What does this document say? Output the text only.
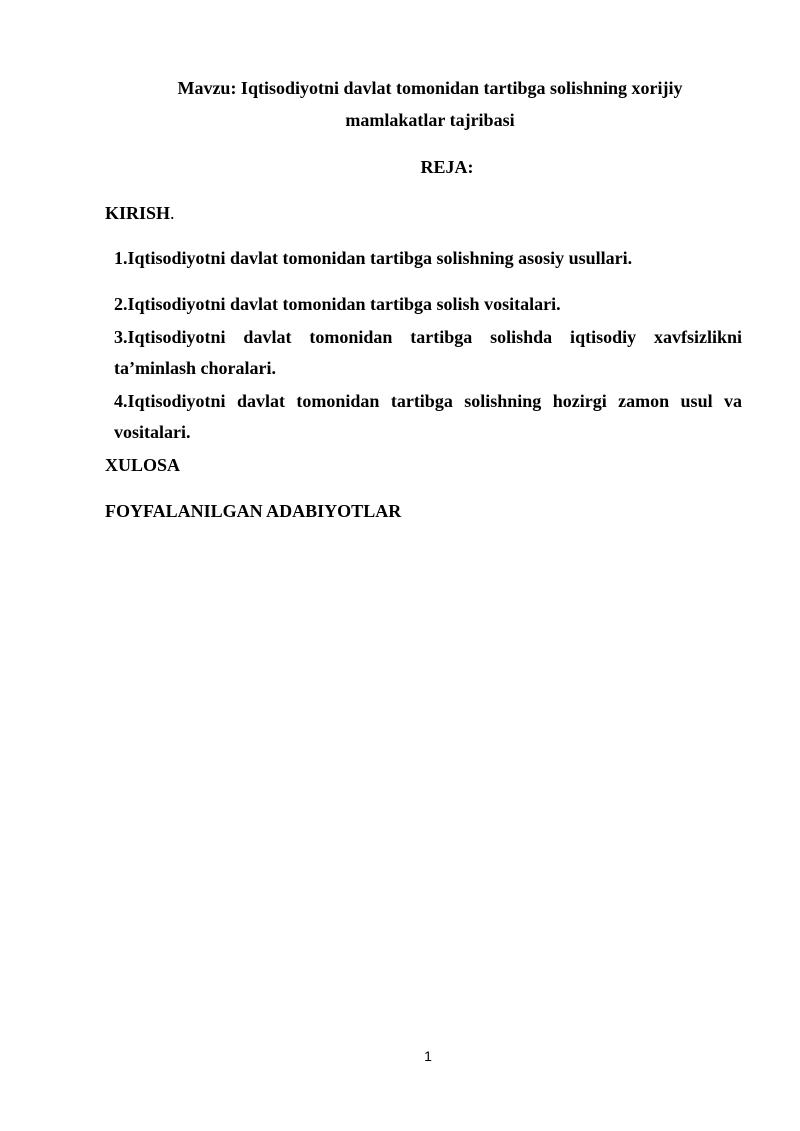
Mavzu: Iqtisodiyotni davlat tomonidan tartibga solishning xorijiy
mamlakatlar tajribasi
REJA:
KIRISH.
1.Iqtisodiyotni davlat tomonidan tartibga solishning asosiy usullari.
2.Iqtisodiyotni davlat tomonidan tartibga solish vositalari.
3.Iqtisodiyotni davlat tomonidan tartibga solishda iqtisodiy xavfsizlikni ta’minlash choralari.
4.Iqtisodiyotni davlat tomonidan tartibga solishning hozirgi zamon usul va vositalari.
XULOSA
FOYFALANILGAN ADABIYOTLAR
1
